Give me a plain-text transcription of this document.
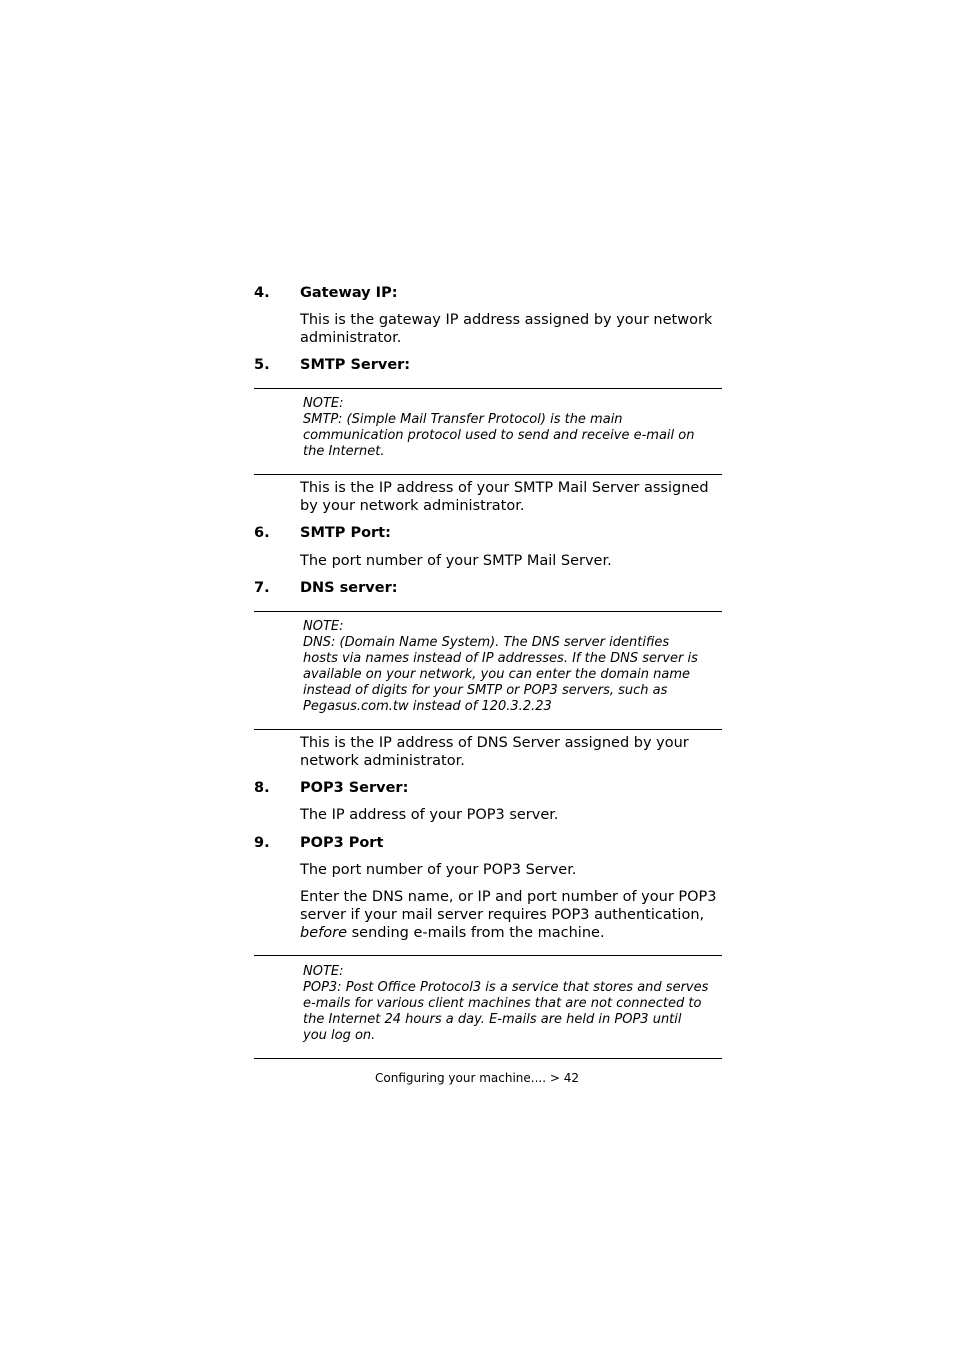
4. Gateway IP:
This is the gateway IP address assigned by your network
administrator.
5. SMTP Server:
NOTE:
SMTP: (Simple Mail Transfer Protocol) is the main
communication protocol used to send and receive e-mail on
the Internet.
This is the IP address of your SMTP Mail Server assigned
by your network administrator.
6. SMTP Port:
The port number of your SMTP Mail Server.
7. DNS server:
NOTE:
DNS: (Domain Name System). The DNS server identifies
hosts via names instead of IP addresses. If the DNS server is
available on your network, you can enter the domain name
instead of digits for your SMTP or POP3 servers, such as
Pegasus.com.tw instead of 120.3.2.23
This is the IP address of DNS Server assigned by your
network administrator.
8. POP3 Server:
The IP address of your POP3 server.
9. POP3 Port
The port number of your POP3 Server.
Enter the DNS name, or IP and port number of your POP3
server if your mail server requires POP3 authentication,
before sending e-mails from the machine.
NOTE:
POP3: Post Office Protocol3 is a service that stores and serves
e-mails for various client machines that are not connected to
the Internet 24 hours a day. E-mails are held in POP3 until
you log on.
Configuring your machine.... > 42
